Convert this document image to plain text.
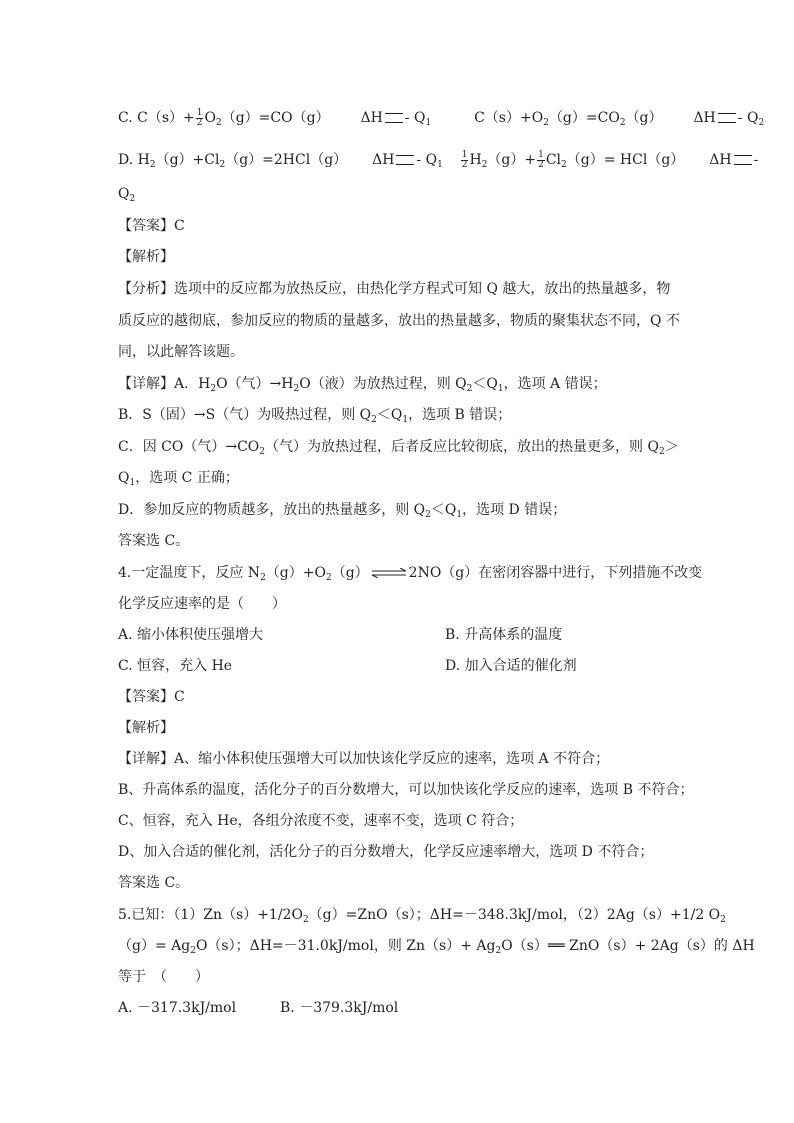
C. $C(s)+ \frac{1}{2} O_2(g)=CO(g)$ ΔH - $Q_1$	$C(s)+O_2(g)=CO_2(g)$ ΔH - $Q_2$
D. $H_2(g)+Cl_2(g)=2HCl(g)$ $\Delta H - Q_1 \frac{1}{2} H_2(g)+ \frac{1}{2} Cl_2(g)= HCl(g)$ ΔH -
$Q_2$
【答案】C
【解析】
【分析】选项中的反应都为放热反应，由热化学方程式可知 Q 越大，放出的热量越多，物
质反应的越彻底，参加反应的物质的量越多，放出的热量越多，物质的聚集状态不同，Q 不
同，以此解答该题。
【详解】A．$H_2O$（气）$\to H_2O$（液）为放热过程，则 $Q_2<Q_1$，选项 A 错误；
B．S（固）→S（气）为吸热过程，则 $Q_2<Q_1$，选项 B 错误；
C．因 CO（气）$\to CO_2$（气）为放热过程，后者反应比较彻底，放出的热量更多，则 $Q_2>$
$Q_1$，选项 C 正确；
D．参加反应的物质越多，放出的热量越多，则 $Q_2<Q_1$，选项 D 错误；
答案选 C。
4.一定温度下，反应 $N_2(g)+O_2(g)$ ⇌ 2NO（g）在密闭容器中进行，下列措施不改变
化学反应速率的是（　　）
A. 缩小体积使压强增大	B. 升高体系的温度
C. 恒容，充入 He	D. 加入合适的催化剂
【答案】C
【解析】
【详解】A、缩小体积使压强增大可以加快该化学反应的速率，选项 A 不符合；
B、升高体系的温度，活化分子的百分数增大，可以加快该化学反应的速率，选项 B 不符合；
C、恒容，充入 He，各组分浓度不变，速率不变，选项 C 符合；
D、加入合适的催化剂，活化分子的百分数增大，化学反应速率增大，选项 D 不符合；
答案选 C。
5.已知：$(1)Zn(s)+1/2O_2(g)=ZnO(s)$；ΔH=－348.3kJ/mol，（2）2Ag（s）+1/2 $O_2$
$(g)= Ag_2O(s)$；ΔH=－31.0kJ/mol，则 $Zn(s)+ Ag_2O(s)══$ ZnO（s）+ 2Ag（s）的 ΔH
等于　（　　）
A. －317.3kJ/mol	B. －379.3kJ/mol
